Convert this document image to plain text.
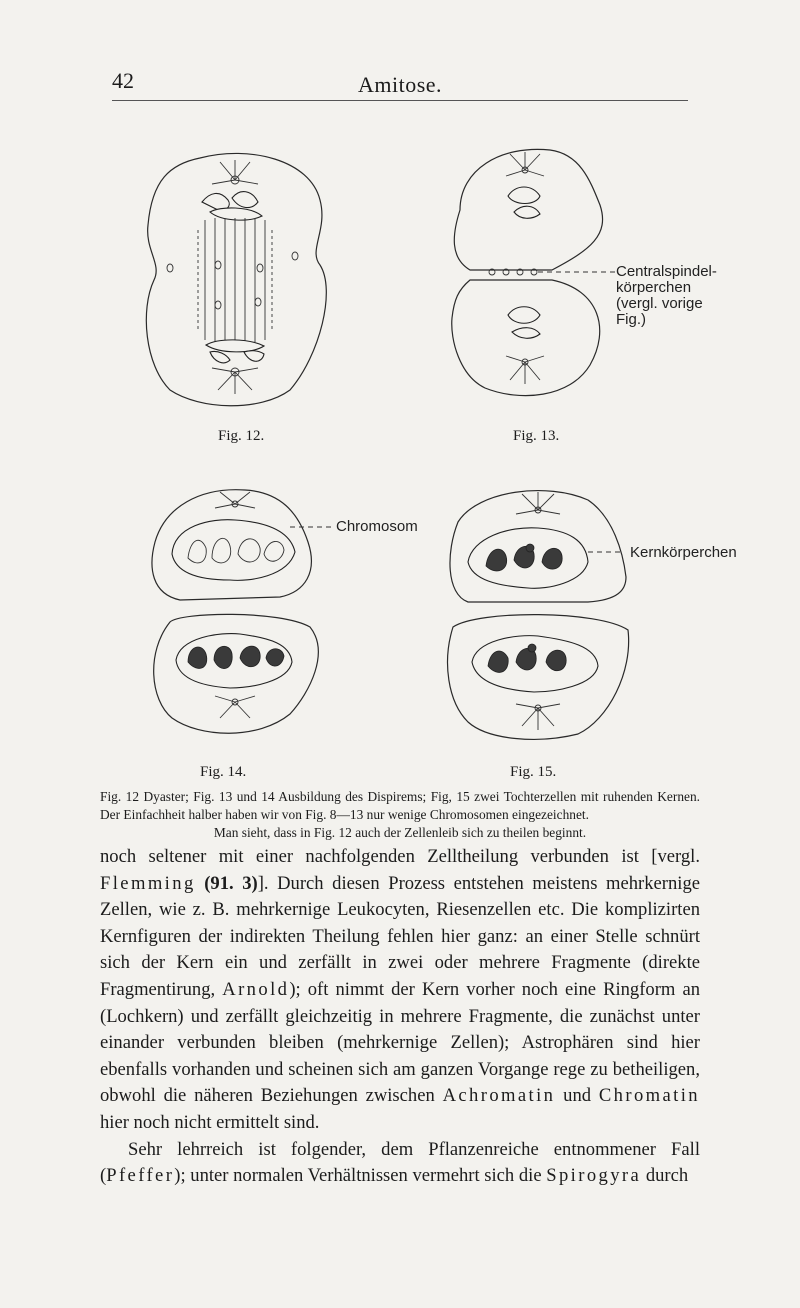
42	Amitose.
Fig. 12.
Centralspindel-
körperchen
(vergl. vorige
Fig.)
Fig. 13.
Chromosom
Fig. 14.
Kernkörperchen
Fig. 15.
Fig. 12 Dyaster; Fig. 13 und 14 Ausbildung des Dispirems; Fig, 15 zwei Tochterzellen mit ruhenden Kernen. Der Einfachheit halber haben wir von Fig. 8—13 nur wenige Chromosomen eingezeichnet.
Man sieht, dass in Fig. 12 auch der Zellenleib sich zu theilen beginnt.

noch seltener mit einer nachfolgenden Zelltheilung verbunden ist [vergl. Flemming (91. 3)]. Durch diesen Prozess entstehen meistens mehrkernige Zellen, wie z. B. mehrkernige Leukocyten, Riesenzellen etc. Die komplizirten Kernfiguren der indirekten Theilung fehlen hier ganz: an einer Stelle schnürt sich der Kern ein und zerfällt in zwei oder mehrere Fragmente (direkte Fragmentirung, Arnold); oft nimmt der Kern vorher noch eine Ringform an (Lochkern) und zerfällt gleichzeitig in mehrere Fragmente, die zunächst unter einander verbunden bleiben (mehrkernige Zellen); Astrophären sind hier ebenfalls vorhanden und scheinen sich am ganzen Vorgange rege zu betheiligen, obwohl die näheren Beziehungen zwischen Achromatin und Chromatin hier noch nicht ermittelt sind.

Sehr lehrreich ist folgender, dem Pflanzenreiche entnommener Fall (Pfeffer); unter normalen Verhältnissen vermehrt sich die Spirogyra durch
